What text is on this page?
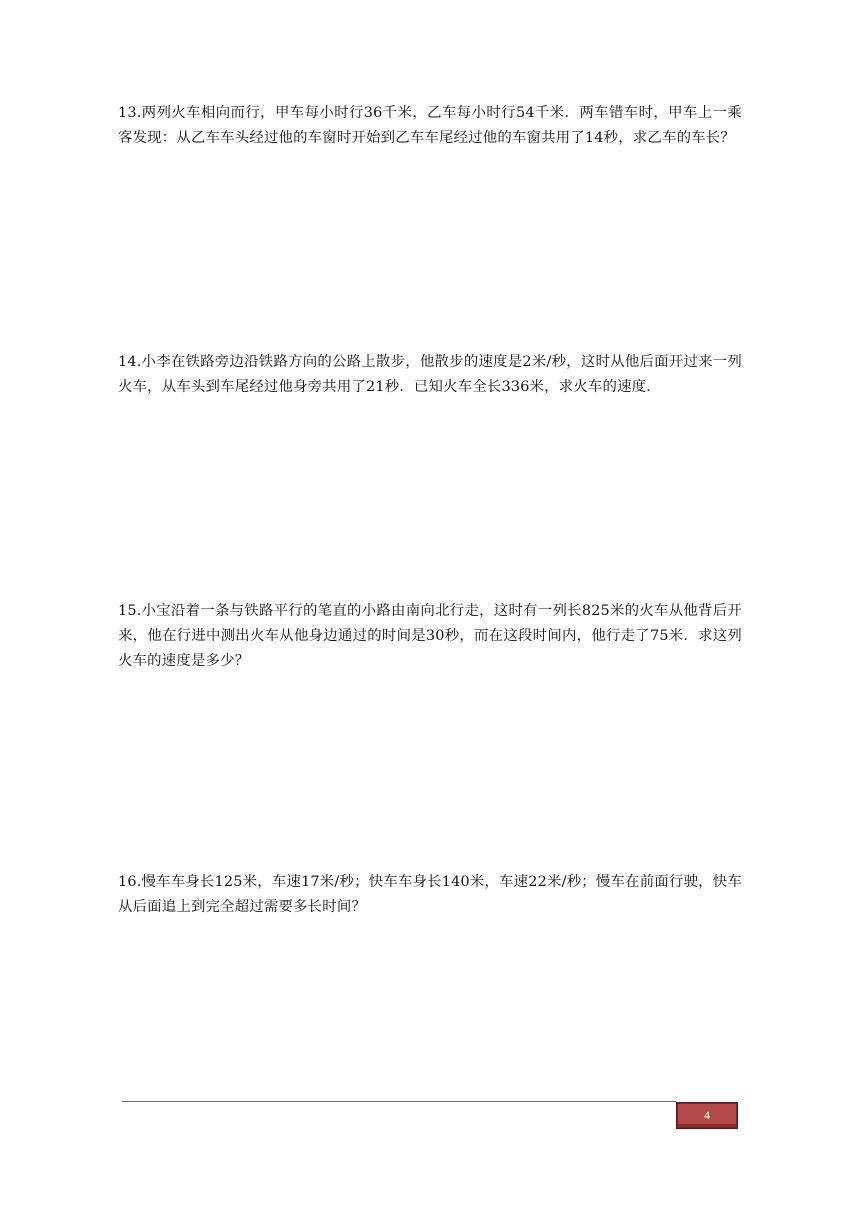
13.两列火车相向而行，甲车每小时行36千米，乙车每小时行54千米．两车错车时，甲车上一乘客发现：从乙车车头经过他的车窗时开始到乙车车尾经过他的车窗共用了14秒，求乙车的车长？

14.小李在铁路旁边沿铁路方向的公路上散步，他散步的速度是2米/秒，这时从他后面开过来一列火车，从车头到车尾经过他身旁共用了21秒．已知火车全长336米，求火车的速度．

15.小宝沿着一条与铁路平行的笔直的小路由南向北行走，这时有一列长825米的火车从他背后开来，他在行进中测出火车从他身边通过的时间是30秒，而在这段时间内，他行走了75米．求这列火车的速度是多少？

16.慢车车身长125米，车速17米/秒；快车车身长140米，车速22米/秒；慢车在前面行驶，快车从后面追上到完全超过需要多长时间？

4
